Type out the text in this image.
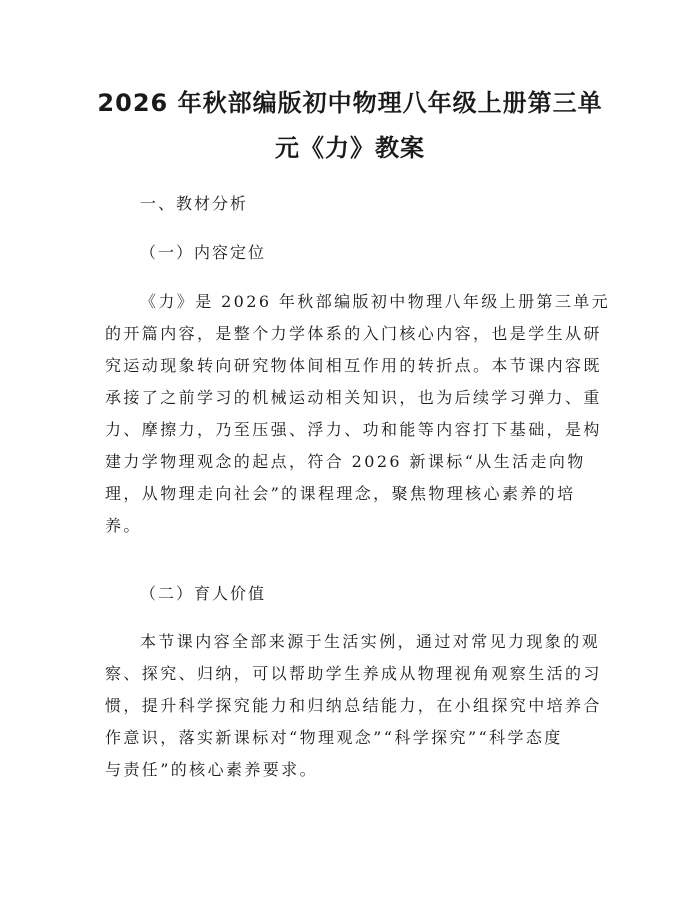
2026 年秋部编版初中物理八年级上册第三单
元《力》教案
一、教材分析
（一）内容定位
《力》是 2026 年秋部编版初中物理八年级上册第三单元
的开篇内容，是整个力学体系的入门核心内容，也是学生从研
究运动现象转向研究物体间相互作用的转折点。本节课内容既
承接了之前学习的机械运动相关知识，也为后续学习弹力、重
力、摩擦力，乃至压强、浮力、功和能等内容打下基础，是构
建力学物理观念的起点，符合 2026 新课标“从生活走向物
理，从物理走向社会”的课程理念，聚焦物理核心素养的培
养。
（二）育人价值
本节课内容全部来源于生活实例，通过对常见力现象的观
察、探究、归纳，可以帮助学生养成从物理视角观察生活的习
惯，提升科学探究能力和归纳总结能力，在小组探究中培养合
作意识，落实新课标对“物理观念”“科学探究”“科学态度
与责任”的核心素养要求。
